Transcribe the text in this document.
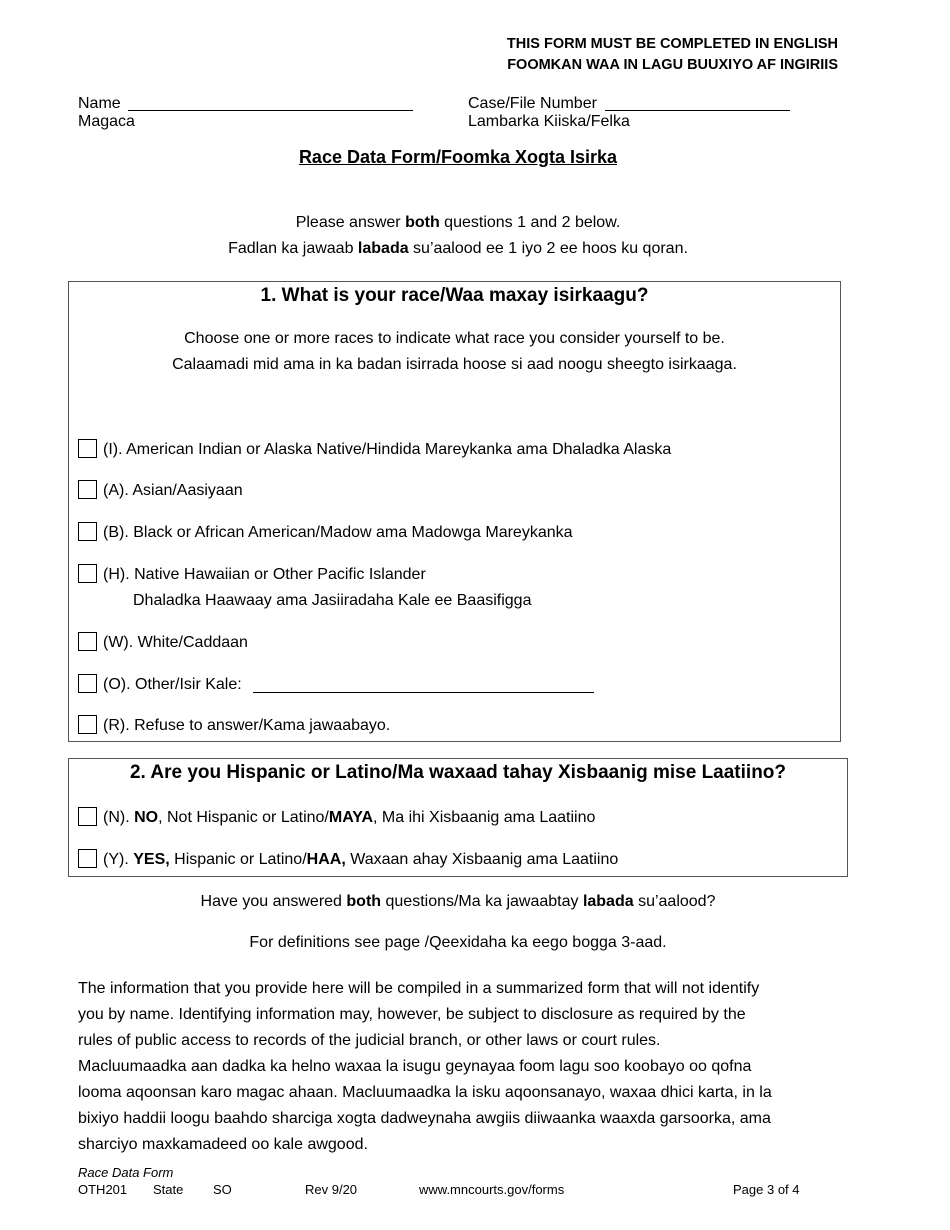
THIS FORM MUST BE COMPLETED IN ENGLISH
FOOMKAN WAA IN LAGU BUUXIYO AF INGIRIIS
Name
Magaca
Case/File Number
Lambarka Kiiska/Felka
Race Data Form/Foomka Xogta Isirka
Please answer both questions 1 and 2 below.
Fadlan ka jawaab labada su’aalood ee 1 iyo 2 ee hoos ku qoran.
1. What is your race/Waa maxay isirkaagu?
Choose one or more races to indicate what race you consider yourself to be.
Calaamadi mid ama in ka badan isirrada hoose si aad noogu sheegto isirkaaga.
(I). American Indian or Alaska Native/Hindida Mareykanka ama Dhaladka Alaska
(A). Asian/Aasiyaan
(B). Black or African American/Madow ama Madowga Mareykanka
(H). Native Hawaiian or Other Pacific Islander
Dhaladka Haawaay ama Jasiiradaha Kale ee Baasifigga
(W). White/Caddaan
(O). Other/Isir Kale:
(R). Refuse to answer/Kama jawaabayo.
2. Are you Hispanic or Latino/Ma waxaad tahay Xisbaanig mise Laatiino?
(N). NO, Not Hispanic or Latino/MAYA, Ma ihi Xisbaanig ama Laatiino
(Y). YES, Hispanic or Latino/HAA, Waxaan ahay Xisbaanig ama Laatiino
Have you answered both questions/Ma ka jawaabtay labada su’aalood?
For definitions see page /Qeexidaha ka eego bogga 3-aad.
The information that you provide here will be compiled in a summarized form that will not identify
you by name. Identifying information may, however, be subject to disclosure as required by the
rules of public access to records of the judicial branch, or other laws or court rules.
Macluumaadka aan dadka ka helno waxaa la isugu geynayaa foom lagu soo koobayo oo qofna
looma aqoonsan karo magac ahaan. Macluumaadka la isku aqoonsanayo, waxaa dhici karta, in la
bixiyo haddii loogu baahdo sharciga xogta dadweynaha awgiis diiwaanka waaxda garsoorka, ama
sharciyo maxkamadeed oo kale awgood.
Race Data Form
OTH201 State SO	Rev 9/20	www.mncourts.gov/forms	Page 3 of 4
